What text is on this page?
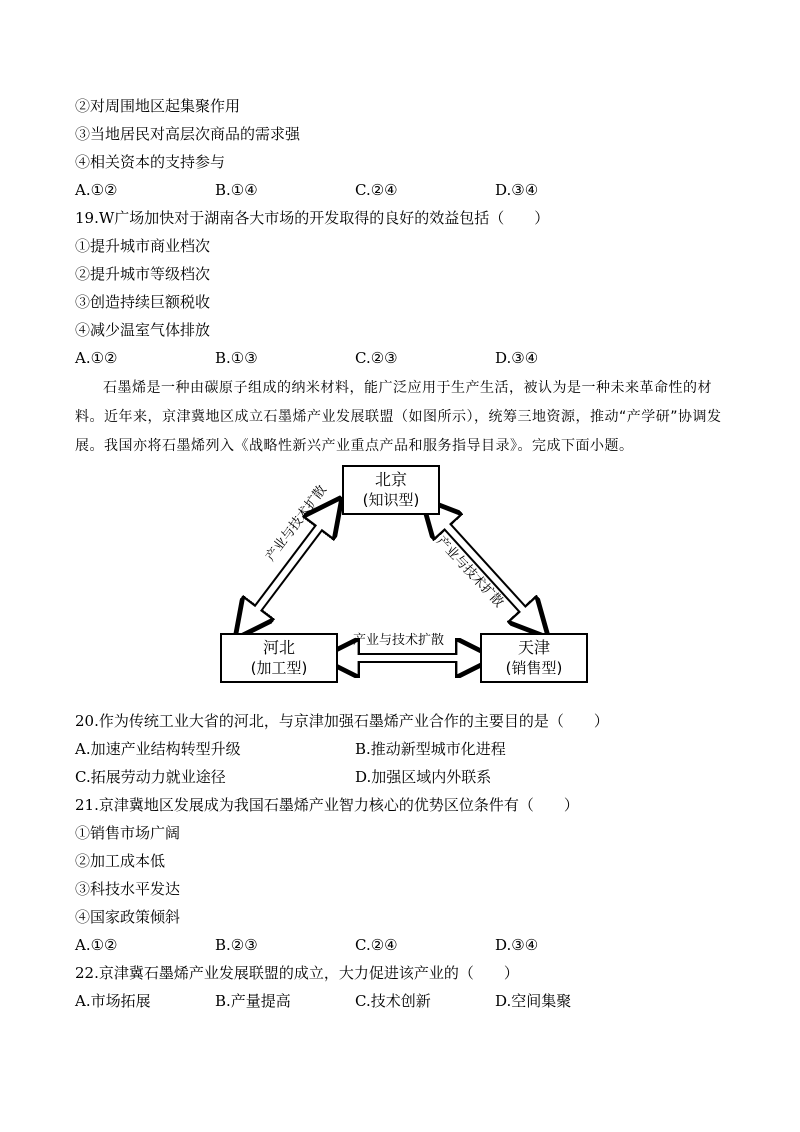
②对周围地区起集聚作用
③当地居民对高层次商品的需求强
④相关资本的支持参与
A.①②	B.①④	C.②④	D.③④
19.W广场加快对于湖南各大市场的开发取得的良好的效益包括（　　）
①提升城市商业档次
②提升城市等级档次
③创造持续巨额税收
④减少温室气体排放
A.①②	B.①③	C.②③	D.③④
石墨烯是一种由碳原子组成的纳米材料，能广泛应用于生产生活，被认为是一种未来革命性的材料。近年来，京津冀地区成立石墨烯产业发展联盟（如图所示），统筹三地资源，推动“产学研”协调发展。我国亦将石墨烯列入《战略性新兴产业重点产品和服务指导目录》。完成下面小题。
北京
(知识型)
河北
(加工型)
天津
(销售型)
产业与技术扩散
产业与技术扩散
产业与技术扩散
20.作为传统工业大省的河北，与京津加强石墨烯产业合作的主要目的是（　　）
A.加速产业结构转型升级	B.推动新型城市化进程
C.拓展劳动力就业途径	D.加强区域内外联系
21.京津冀地区发展成为我国石墨烯产业智力核心的优势区位条件有（　　）
①销售市场广阔
②加工成本低
③科技水平发达
④国家政策倾斜
A.①②	B.②③	C.②④	D.③④
22.京津冀石墨烯产业发展联盟的成立，大力促进该产业的（　　）
A.市场拓展	B.产量提高	C.技术创新	D.空间集聚
